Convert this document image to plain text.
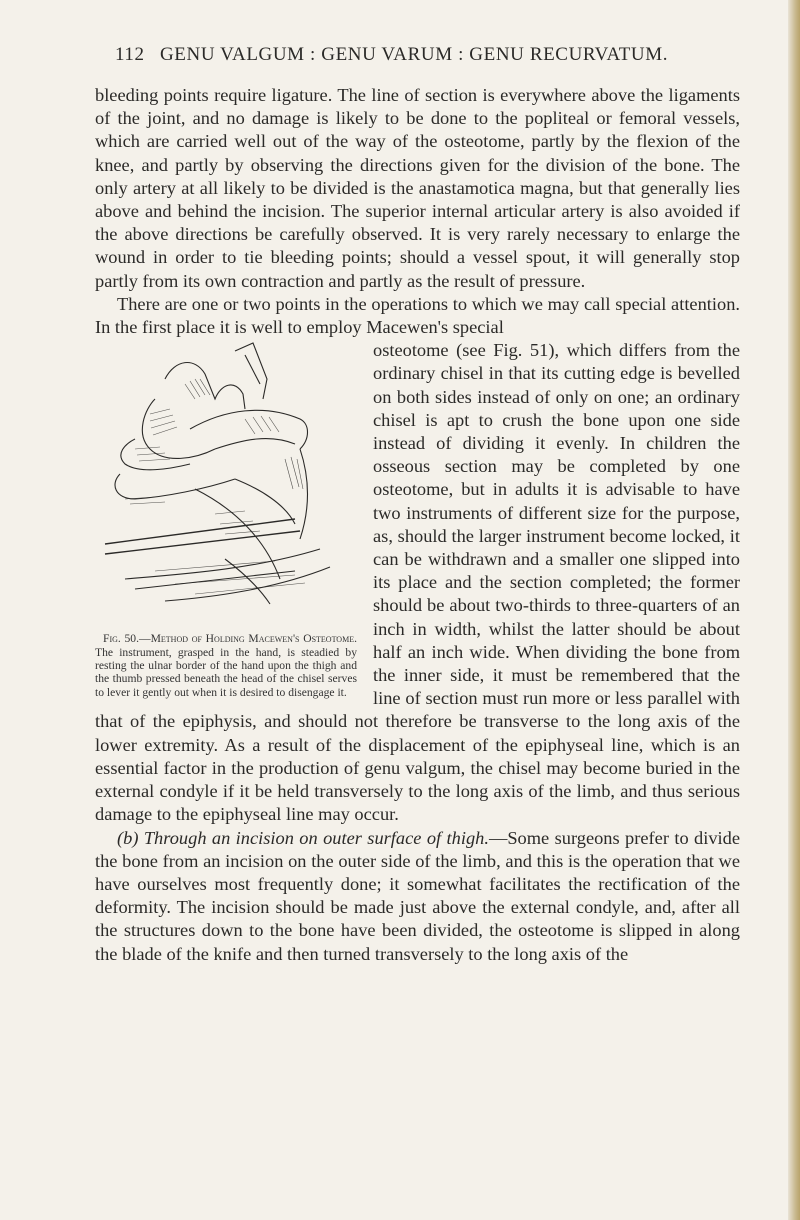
112 GENU VALGUM : GENU VARUM : GENU RECURVATUM.

bleeding points require ligature. The line of section is everywhere above the ligaments of the joint, and no damage is likely to be done to the popliteal or femoral vessels, which are carried well out of the way of the osteotome, partly by the flexion of the knee, and partly by observing the directions given for the division of the bone. The only artery at all likely to be divided is the anastamotica magna, but that generally lies above and behind the incision. The superior internal articular artery is also avoided if the above directions be carefully observed. It is very rarely necessary to enlarge the wound in order to tie bleeding points; should a vessel spout, it will generally stop partly from its own contraction and partly as the result of pressure.

There are one or two points in the operations to which we may call special attention. In the first place it is well to employ Macewen's special

Fig. 50.—Method of Holding Macewen's Osteotome. The instrument, grasped in the hand, is steadied by resting the ulnar border of the hand upon the thigh and the thumb pressed beneath the head of the chisel serves to lever it gently out when it is desired to disengage it.

osteotome (see Fig. 51), which differs from the ordinary chisel in that its cutting edge is bevelled on both sides instead of only on one; an ordinary chisel is apt to crush the bone upon one side instead of dividing it evenly. In children the osseous section may be completed by one osteotome, but in adults it is advisable to have two instruments of different size for the purpose, as, should the larger instrument become locked, it can be withdrawn and a smaller one slipped into its place and the section completed; the former should be about two-thirds to three-quarters of an inch in width, whilst the latter should be about half an inch wide. When dividing the bone from the inner side, it must be remembered that the line of section must run more or less parallel with that of the epiphysis, and should not therefore be transverse to the long axis of the lower extremity. As a result of the displacement of the epiphyseal line, which is an essential factor in the production of genu valgum, the chisel may become buried in the external condyle if it be held transversely to the long axis of the limb, and thus serious damage to the epiphyseal line may occur.

(b) Through an incision on outer surface of thigh.—Some surgeons prefer to divide the bone from an incision on the outer side of the limb, and this is the operation that we have ourselves most frequently done; it somewhat facilitates the rectification of the deformity. The incision should be made just above the external condyle, and, after all the structures down to the bone have been divided, the osteotome is slipped in along the blade of the knife and then turned transversely to the long axis of the
